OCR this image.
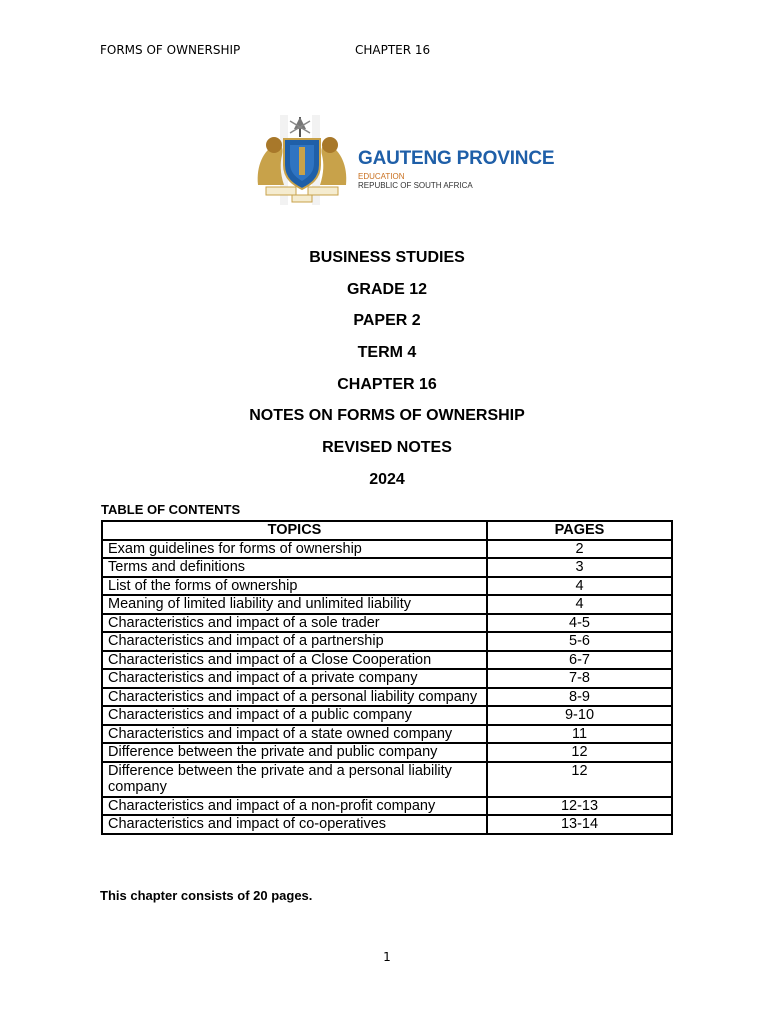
FORMS OF OWNERSHIP	CHAPTER 16
GAUTENG PROVINCE
EDUCATION
REPUBLIC OF SOUTH AFRICA
BUSINESS STUDIES
GRADE 12
PAPER 2
TERM 4
CHAPTER 16
NOTES ON FORMS OF OWNERSHIP
REVISED NOTES
2024
TABLE OF CONTENTS
TOPICS	PAGES
Exam guidelines for forms of ownership	2
Terms and definitions	3
List of the forms of ownership	4
Meaning of limited liability and unlimited liability	4
Characteristics and impact of a sole trader	4-5
Characteristics and impact of a partnership	5-6
Characteristics and impact of a Close Cooperation	6-7
Characteristics and impact of a private company	7-8
Characteristics and impact of a personal liability company	8-9
Characteristics and impact of a public company	9-10
Characteristics and impact of a state owned company	11
Difference between the private and public company	12
Difference between the private and a personal liability company	12
Characteristics and impact of a non-profit company	12-13
Characteristics and impact of co-operatives	13-14
This chapter consists of 20 pages.
1
